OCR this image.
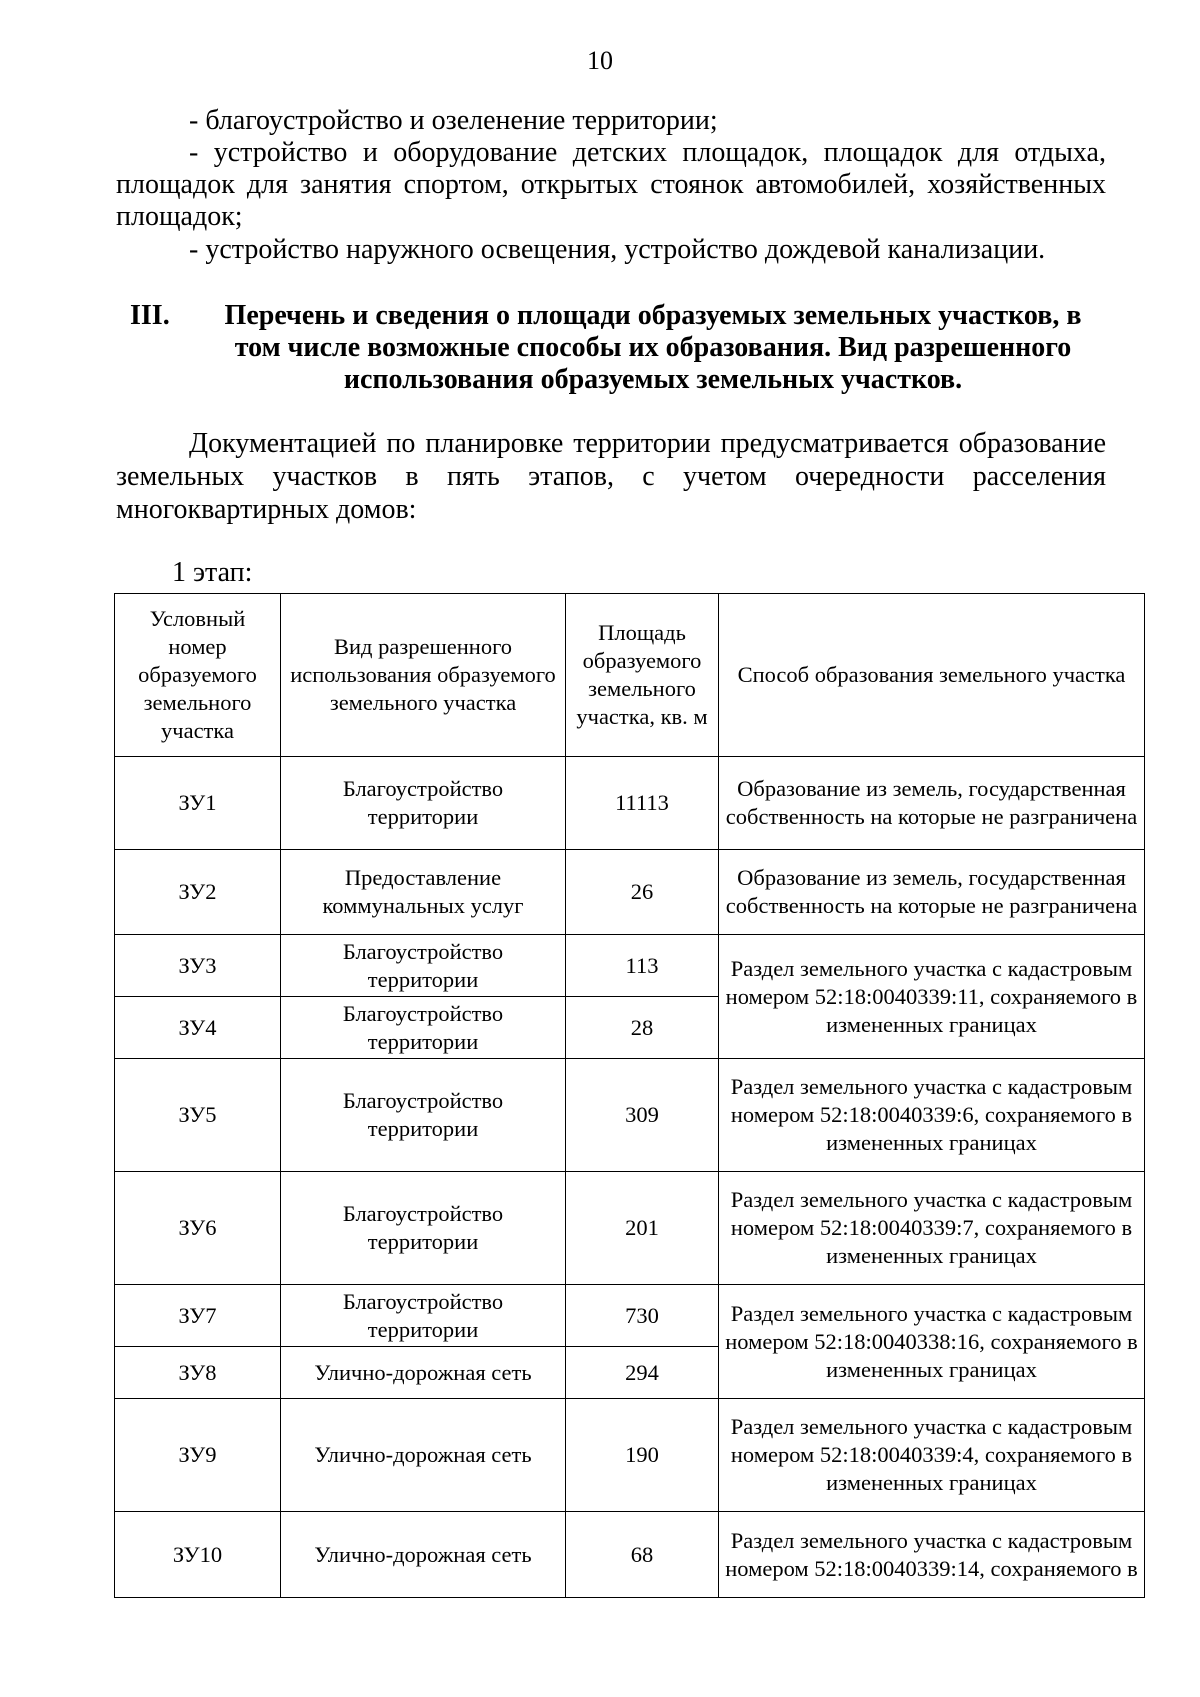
10
- благоустройство и озеленение территории;
- устройство и оборудование детских площадок, площадок для отдыха,
площадок для занятия спортом, открытых стоянок автомобилей, хозяйственных
площадок;
- устройство наружного освещения, устройство дождевой канализации.
III.	Перечень и сведения о площади образуемых земельных участков, в
том числе возможные способы их образования. Вид разрешенного
использования образуемых земельных участков.
Документацией по планировке территории предусматривается образование
земельных участков в пять этапов, с учетом очередности расселения
многоквартирных домов:
1 этап:
Условный номер образуемого земельного участка	Вид разрешенного использования образуемого земельного участка	Площадь образуемого земельного участка, кв. м	Способ образования земельного участка
ЗУ1	Благоустройство территории	11113	Образование из земель, государственная собственность на которые не разграничена
ЗУ2	Предоставление коммунальных услуг	26	Образование из земель, государственная собственность на которые не разграничена
ЗУ3	Благоустройство территории	113	Раздел земельного участка с кадастровым номером 52:18:0040339:11, сохраняемого в измененных границах
ЗУ4	Благоустройство территории	28	
ЗУ5	Благоустройство территории	309	Раздел земельного участка с кадастровым номером 52:18:0040339:6, сохраняемого в измененных границах
ЗУ6	Благоустройство территории	201	Раздел земельного участка с кадастровым номером 52:18:0040339:7, сохраняемого в измененных границах
ЗУ7	Благоустройство территории	730	Раздел земельного участка с кадастровым номером 52:18:0040338:16, сохраняемого в измененных границах
ЗУ8	Улично-дорожная сеть	294	
ЗУ9	Улично-дорожная сеть	190	Раздел земельного участка с кадастровым номером 52:18:0040339:4, сохраняемого в измененных границах
ЗУ10	Улично-дорожная сеть	68	Раздел земельного участка с кадастровым номером 52:18:0040339:14, сохраняемого в
